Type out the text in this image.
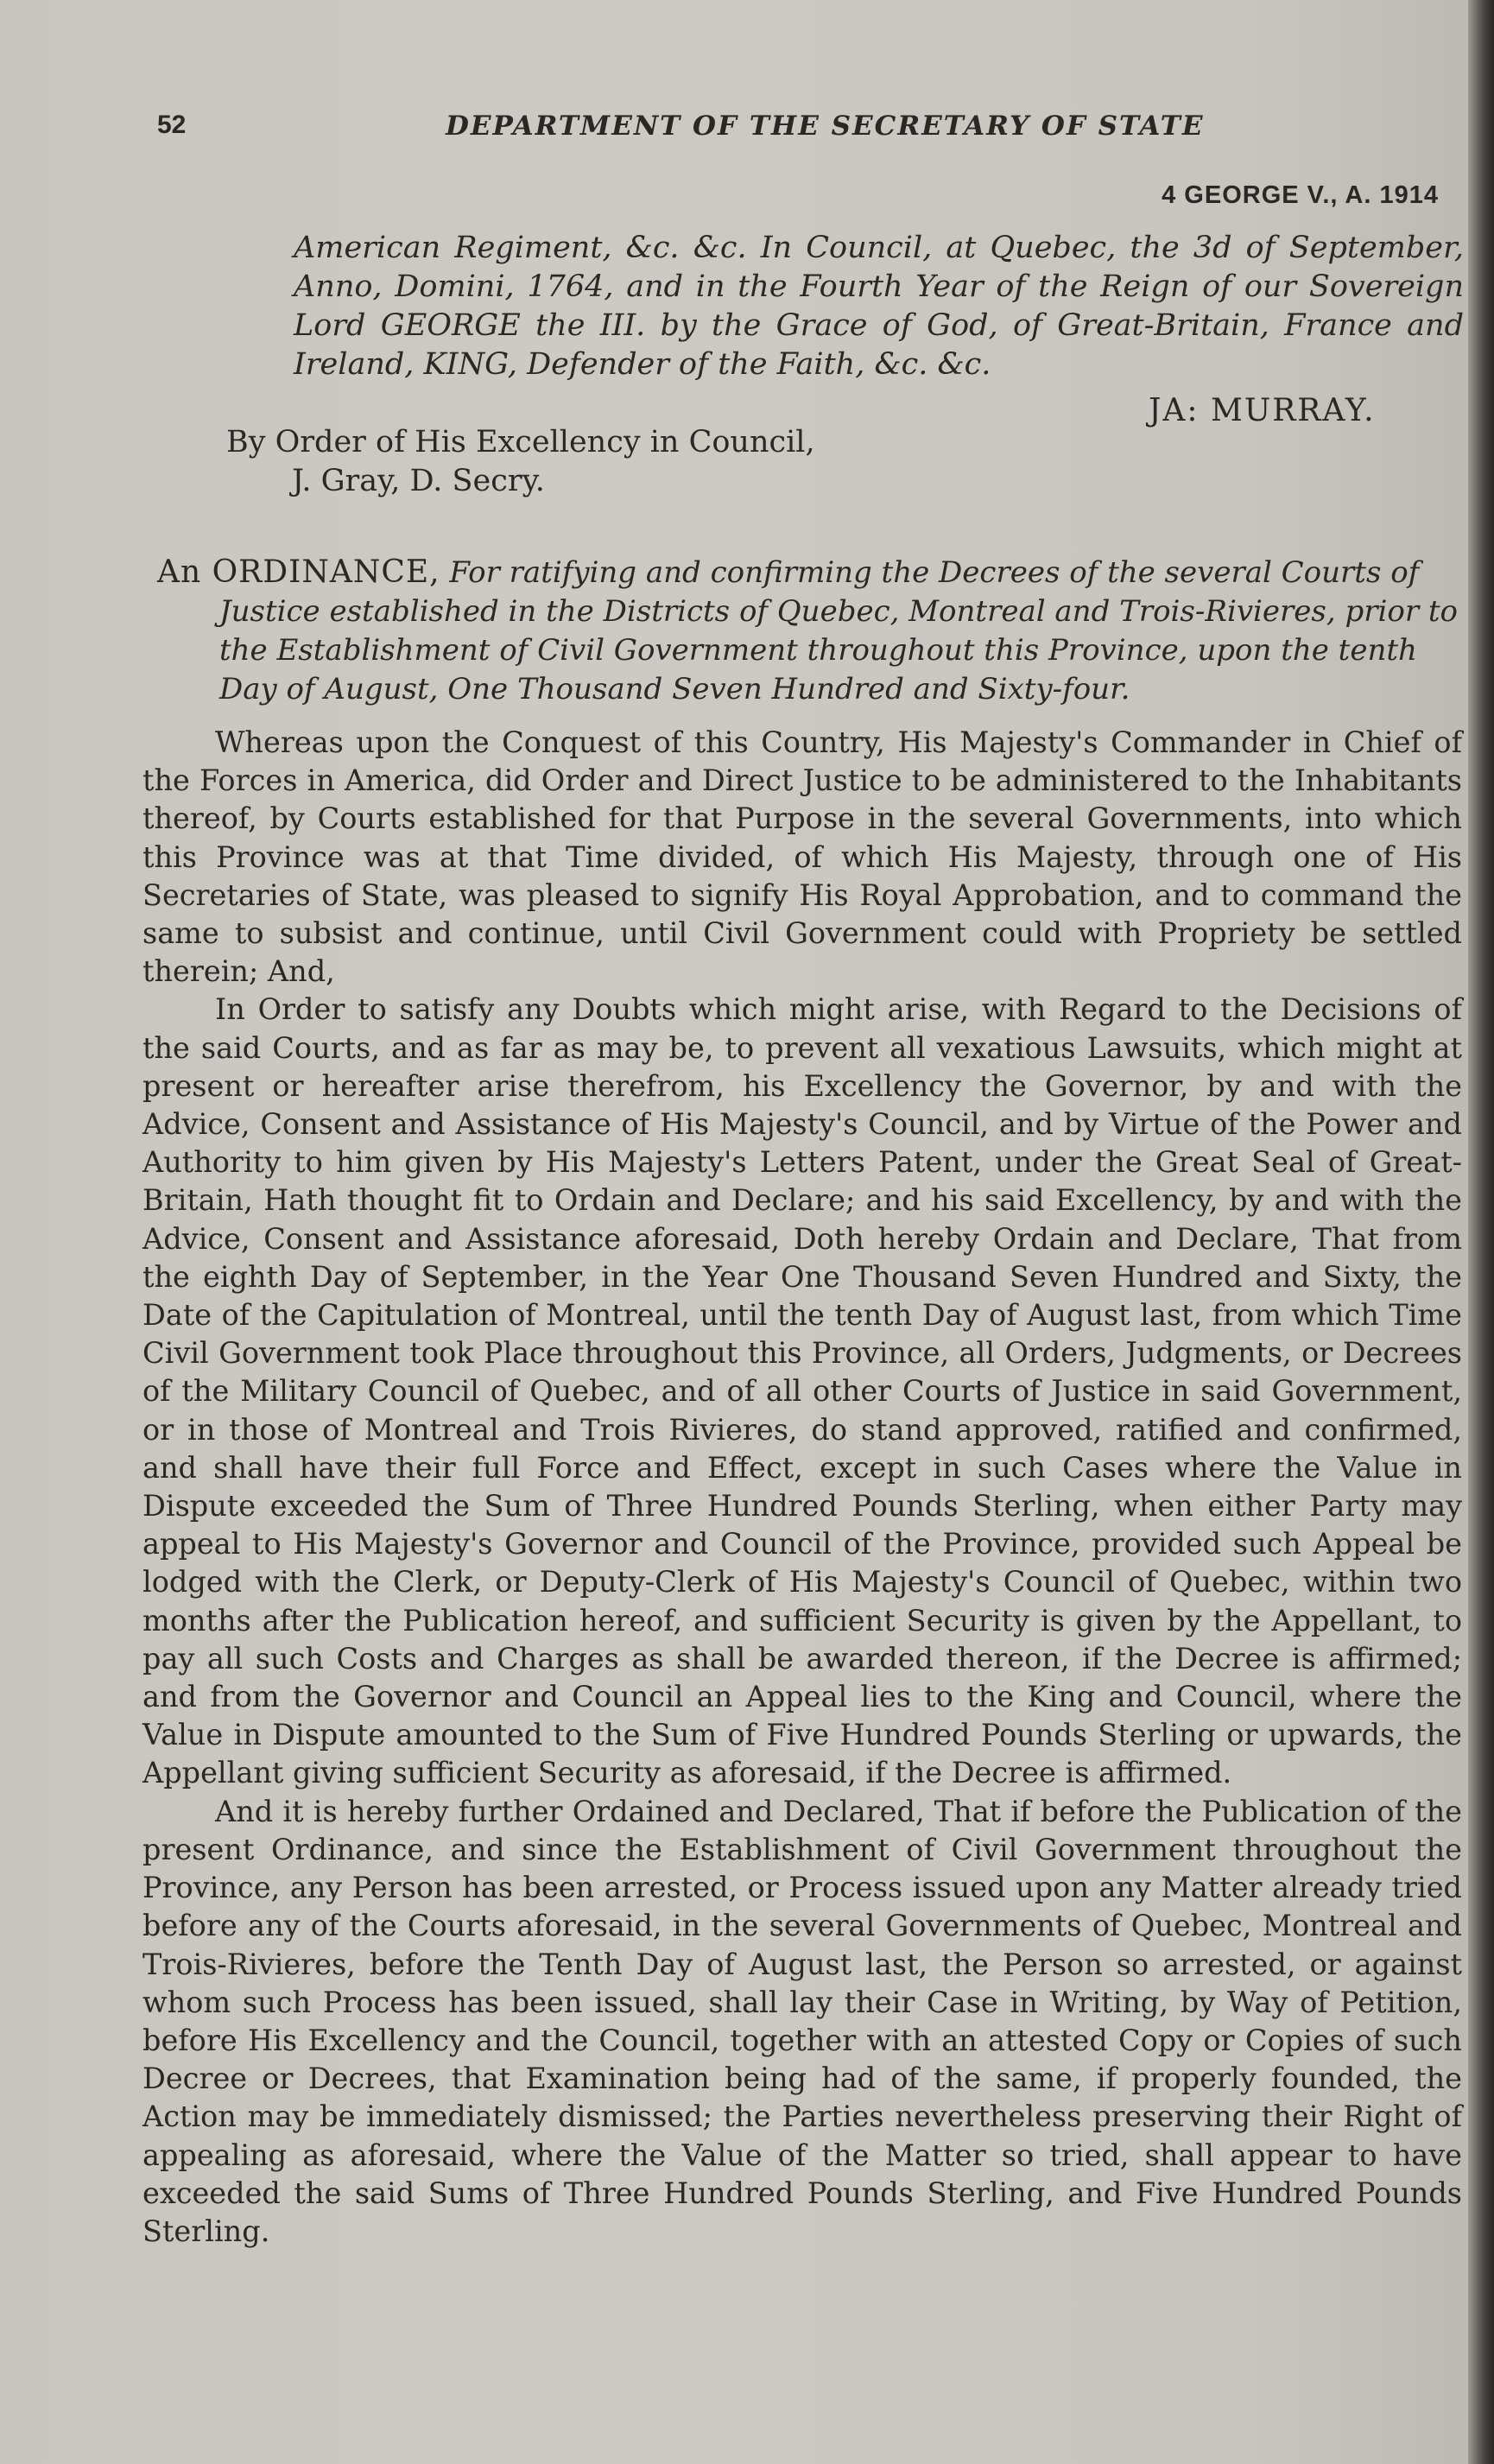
52	DEPARTMENT OF THE SECRETARY OF STATE
4 GEORGE V., A. 1914

American Regiment, &c. &c. In Council, at Quebec, the 3d of September, Anno, Domini, 1764, and in the Fourth Year of the Reign of our Sovereign Lord GEORGE the III. by the Grace of God, of Great-Britain, France and Ireland, KING, Defender of the Faith, &c. &c.

JA: MURRAY.

By Order of His Excellency in Council,

J. Gray, D. Secry.

An ORDINANCE, For ratifying and confirming the Decrees of the several Courts of Justice established in the Districts of Quebec, Montreal and Trois-Rivieres, prior to the Establishment of Civil Government throughout this Province, upon the tenth Day of August, One Thousand Seven Hundred and Sixty-four.

Whereas upon the Conquest of this Country, His Majesty's Commander in Chief of the Forces in America, did Order and Direct Justice to be administered to the Inhabitants thereof, by Courts established for that Purpose in the several Governments, into which this Province was at that Time divided, of which His Majesty, through one of His Secretaries of State, was pleased to signify His Royal Approbation, and to command the same to subsist and continue, until Civil Government could with Propriety be settled therein; And,

In Order to satisfy any Doubts which might arise, with Regard to the Decisions of the said Courts, and as far as may be, to prevent all vexatious Lawsuits, which might at present or hereafter arise therefrom, his Excellency the Governor, by and with the Advice, Consent and Assistance of His Majesty's Council, and by Virtue of the Power and Authority to him given by His Majesty's Letters Patent, under the Great Seal of Great-Britain, Hath thought fit to Ordain and Declare; and his said Excellency, by and with the Advice, Consent and Assistance aforesaid, Doth hereby Ordain and Declare, That from the eighth Day of September, in the Year One Thousand Seven Hundred and Sixty, the Date of the Capitulation of Montreal, until the tenth Day of August last, from which Time Civil Government took Place throughout this Province, all Orders, Judgments, or Decrees of the Military Council of Quebec, and of all other Courts of Justice in said Government, or in those of Montreal and Trois Rivieres, do stand approved, ratified and confirmed, and shall have their full Force and Effect, except in such Cases where the Value in Dispute exceeded the Sum of Three Hundred Pounds Sterling, when either Party may appeal to His Majesty's Governor and Council of the Province, provided such Appeal be lodged with the Clerk, or Deputy-Clerk of His Majesty's Council of Quebec, within two months after the Publication hereof, and sufficient Security is given by the Appellant, to pay all such Costs and Charges as shall be awarded thereon, if the Decree is affirmed; and from the Governor and Council an Appeal lies to the King and Council, where the Value in Dispute amounted to the Sum of Five Hundred Pounds Sterling or upwards, the Appellant giving sufficient Security as aforesaid, if the Decree is affirmed.

And it is hereby further Ordained and Declared, That if before the Publication of the present Ordinance, and since the Establishment of Civil Government throughout the Province, any Person has been arrested, or Process issued upon any Matter already tried before any of the Courts aforesaid, in the several Governments of Quebec, Montreal and Trois-Rivieres, before the Tenth Day of August last, the Person so arrested, or against whom such Process has been issued, shall lay their Case in Writing, by Way of Petition, before His Excellency and the Council, together with an attested Copy or Copies of such Decree or Decrees, that Examination being had of the same, if properly founded, the Action may be immediately dismissed; the Parties nevertheless preserving their Right of appealing as aforesaid, where the Value of the Matter so tried, shall appear to have exceeded the said Sums of Three Hundred Pounds Sterling, and Five Hundred Pounds Sterling.
